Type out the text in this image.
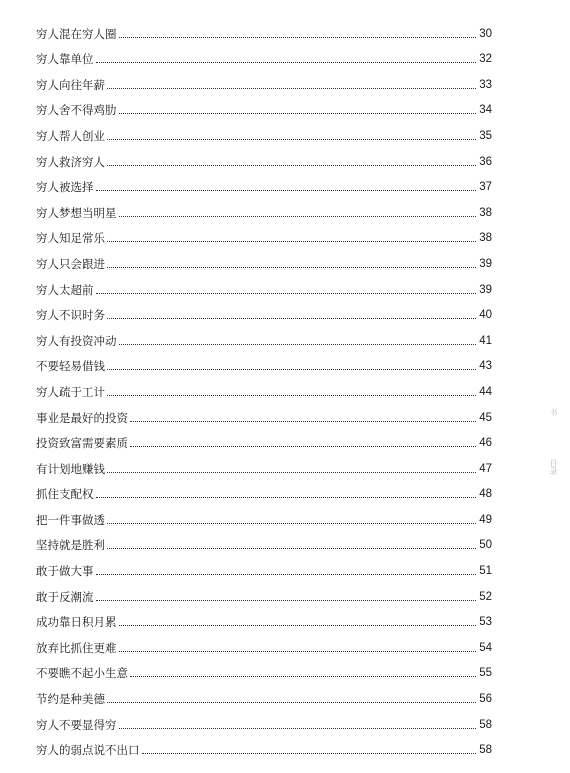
穷人混在穷人圈	30
穷人靠单位	32
穷人向往年薪	33
穷人舍不得鸡肋	34
穷人帮人创业	35
穷人救济穷人	36
穷人被选择	37
穷人梦想当明星	38
穷人知足常乐	38
穷人只会跟进	39
穷人太超前	39
穷人不识时务	40
穷人有投资冲动	41
不要轻易借钱	43
穷人疏于工计	44
事业是最好的投资	45
投资致富需要素质	46
有计划地赚钱	47
抓住支配权	48
把一件事做透	49
坚持就是胜利	50
敢于做大事	51
敢于反潮流	52
成功靠日积月累	53
放弃比抓住更难	54
不要瞧不起小生意	55
节约是种美德	56
穷人不要显得穷	58
穷人的弱点说不出口	58
书
目录
